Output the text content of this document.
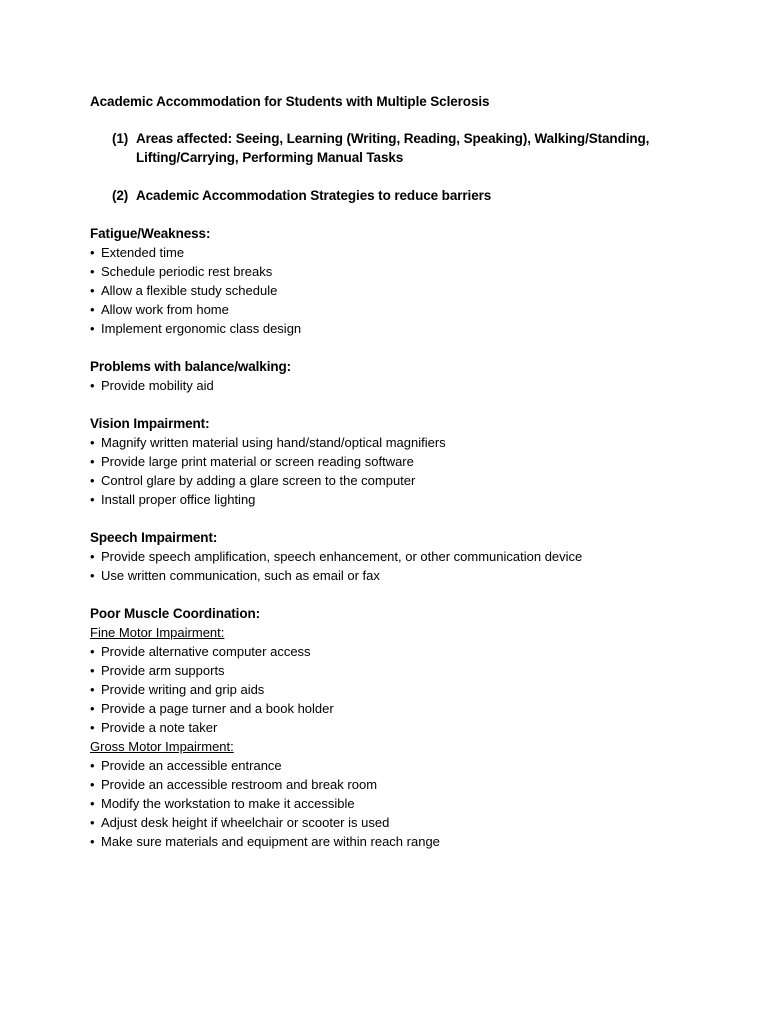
Academic Accommodation for Students with Multiple Sclerosis
(1) Areas affected: Seeing, Learning (Writing, Reading, Speaking), Walking/Standing, Lifting/Carrying, Performing Manual Tasks
(2) Academic Accommodation Strategies to reduce barriers
Fatigue/Weakness:
• Extended time
• Schedule periodic rest breaks
• Allow a flexible study schedule
• Allow work from home
• Implement ergonomic class design
Problems with balance/walking:
• Provide mobility aid
Vision Impairment:
• Magnify written material using hand/stand/optical magnifiers
• Provide large print material or screen reading software
• Control glare by adding a glare screen to the computer
• Install proper office lighting
Speech Impairment:
• Provide speech amplification, speech enhancement, or other communication device
• Use written communication, such as email or fax
Poor Muscle Coordination:
Fine Motor Impairment:
• Provide alternative computer access
• Provide arm supports
• Provide writing and grip aids
• Provide a page turner and a book holder
• Provide a note taker
Gross Motor Impairment:
• Provide an accessible entrance
• Provide an accessible restroom and break room
• Modify the workstation to make it accessible
• Adjust desk height if wheelchair or scooter is used
• Make sure materials and equipment are within reach range
